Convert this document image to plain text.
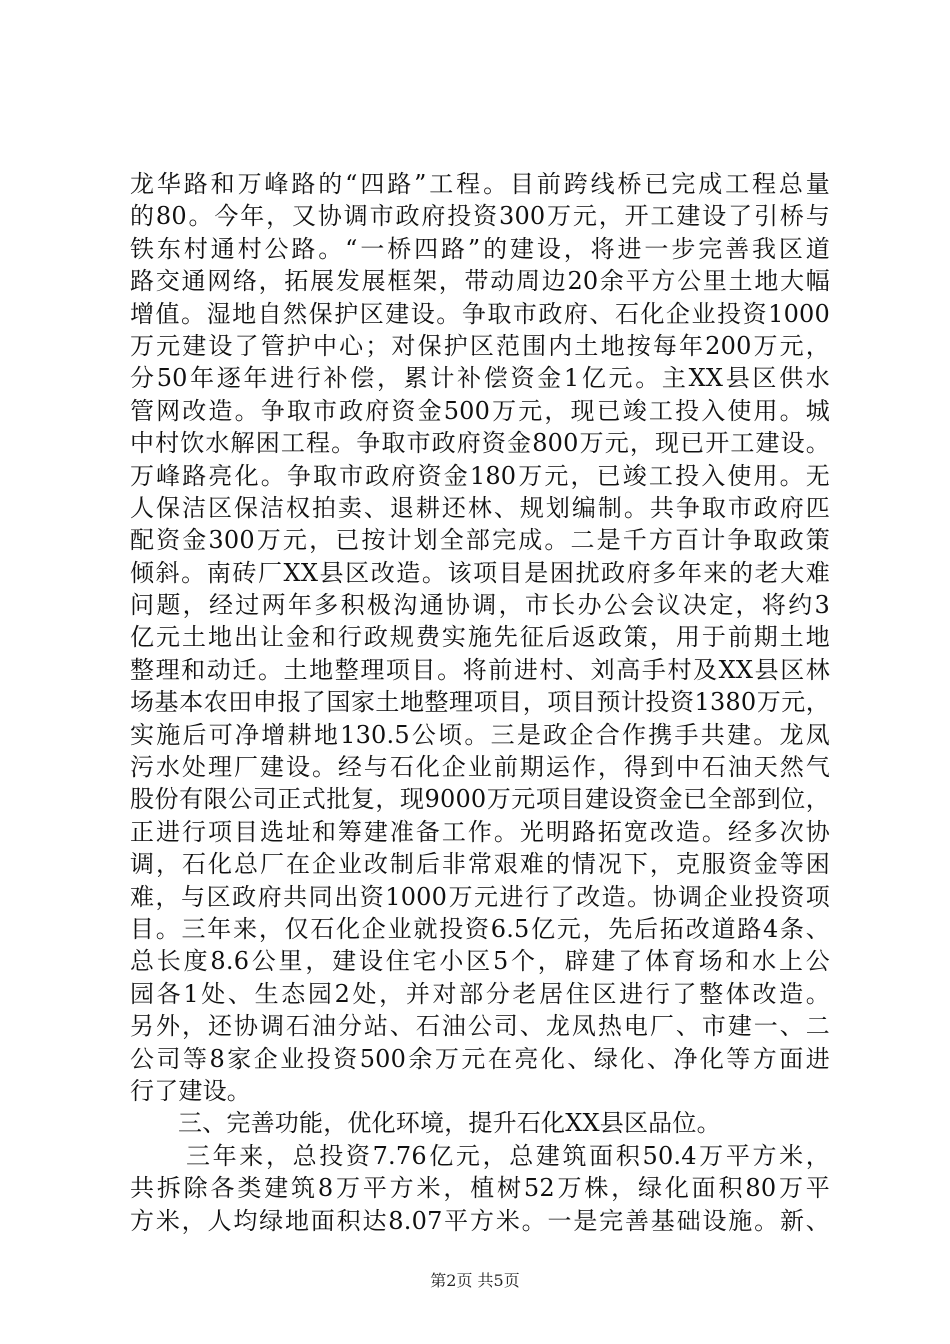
龙华路和万峰路的“四路”工程。目前跨线桥已完成工程总量
的80。今年，又协调市政府投资300万元，开工建设了引桥与
铁东村通村公路。“一桥四路”的建设，将进一步完善我区道
路交通网络，拓展发展框架，带动周边20余平方公里土地大幅
增值。湿地自然保护区建设。争取市政府、石化企业投资1000
万元建设了管护中心；对保护区范围内土地按每年200万元，
分50年逐年进行补偿，累计补偿资金1亿元。主XX县区供水
管网改造。争取市政府资金500万元，现已竣工投入使用。城
中村饮水解困工程。争取市政府资金800万元，现已开工建设。
万峰路亮化。争取市政府资金180万元，已竣工投入使用。无
人保洁区保洁权拍卖、退耕还林、规划编制。共争取市政府匹
配资金300万元，已按计划全部完成。二是千方百计争取政策
倾斜。南砖厂XX县区改造。该项目是困扰政府多年来的老大难
问题，经过两年多积极沟通协调，市长办公会议决定，将约3
亿元土地出让金和行政规费实施先征后返政策，用于前期土地
整理和动迁。土地整理项目。将前进村、刘高手村及XX县区林
场基本农田申报了国家土地整理项目，项目预计投资1380万元，
实施后可净增耕地130.5公顷。三是政企合作携手共建。龙凤
污水处理厂建设。经与石化企业前期运作，得到中石油天然气
股份有限公司正式批复，现9000万元项目建设资金已全部到位，
正进行项目选址和筹建准备工作。光明路拓宽改造。经多次协
调，石化总厂在企业改制后非常艰难的情况下，克服资金等困
难，与区政府共同出资1000万元进行了改造。协调企业投资项
目。三年来，仅石化企业就投资6.5亿元，先后拓改道路4条、
总长度8.6公里，建设住宅小区5个，辟建了体育场和水上公
园各1处、生态园2处，并对部分老居住区进行了整体改造。
另外，还协调石油分站、石油公司、龙凤热电厂、市建一、二
公司等8家企业投资500余万元在亮化、绿化、净化等方面进
行了建设。
三、完善功能，优化环境，提升石化XX县区品位。
三年来，总投资7.76亿元，总建筑面积50.4万平方米，
共拆除各类建筑8万平方米，植树52万株，绿化面积80万平
方米，人均绿地面积达8.07平方米。一是完善基础设施。新、
第2页 共5页
